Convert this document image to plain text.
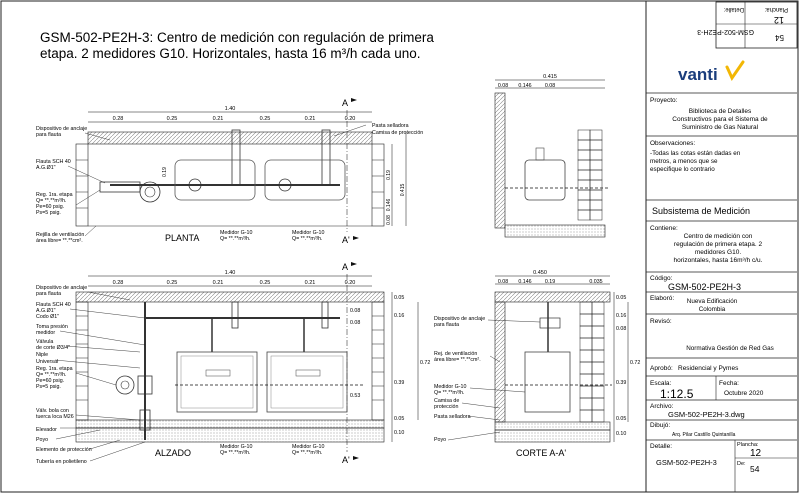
GSM-502-PE2H-3: Centro de medición con regulación de primera
etapa. 2 medidores G10. Horizontales, hasta 16 m³/h cada uno.
GSM-502-PE2H-3
Detalle:	Plancha:
12
54
vanti
Proyecto:
Biblioteca de Detalles
Constructivos para el Sistema de
Suministro de Gas Natural
Observaciones:
-Todas las cotas están dadas en
metros, a menos que se
especifique lo contrario
Subsistema de Medición
Contiene:
Centro de medición con
regulación de primera etapa. 2
medidores G10.
horizontales, hasta 16m³/h c/u.
Código:
GSM-502-PE2H-3
Elaboró: Nueva Edificación
Colombia
Revisó:
Normativa Gestión de Red Gas
Aprobó: Residencial y Pymes
Escala:
1:12.5
Fecha:
Octubre 2020
Archivo:
GSM-502-PE2H-3.dwg
Dibujó:
Arq. Pilar Castillo Quintanilla
Detalle:
GSM-502-PE2H-3
Plancha:
12
De: 54
A
A'
1.40
0.28	0.25	0.21	0.25	0.21	0.20
Dispositivo de anclaje
para flauta
Flauta SCH 40
A.G.Ø1"
Reg. 1ra. etapa
Q= **.**m³/h.
Pe=60 psig.
Ps=5 psig.
Rejilla de ventilación
área libre= **.**cm².
Pasta selladora
Camisa de protección
0.19
0.146
0.415
0.08
0.19
PLANTA	Medidor G-10
Q= **.**m³/h.
Medidor G-10
Q= **.**m³/h.
A
A'
1.40
0.28	0.25	0.21	0.25	0.21	0.20
Dispositivo de anclaje
para flauta
Flauta SCH 40
A.G.Ø1"
Codo Ø1"
Toma presión
medidor
Válvula
de corte Ø3/4"
Niple
Universal
Reg. 1ra. etapa
Q= **.**m³/h.
Pe=60 psig.
Ps=5 psig.
Válv. bola con
tuerca loca M26
Elevador
Poyo
Elemento de protección
Tubería en polietileno
0.05
0.16
0.08
0.08
0.72
0.39
0.53
0.05
0.10
ALZADO
Medidor G-10
Q= **.**m³/h.
Medidor G-10
Q= **.**m³/h.
0.415
0.08 0.146 0.08
0.450
0.08 0.146 0.19	0.035
Dispositivo de anclaje
para flauta
Rej. de ventilación
área libre= **.**cm².
Medidor G-10
Q= **.**m³/h.
Camisa de
protección
Pasta selladora
Poyo
0.05
0.16
0.08
0.72
0.39
0.05
0.10
CORTE A-A'
